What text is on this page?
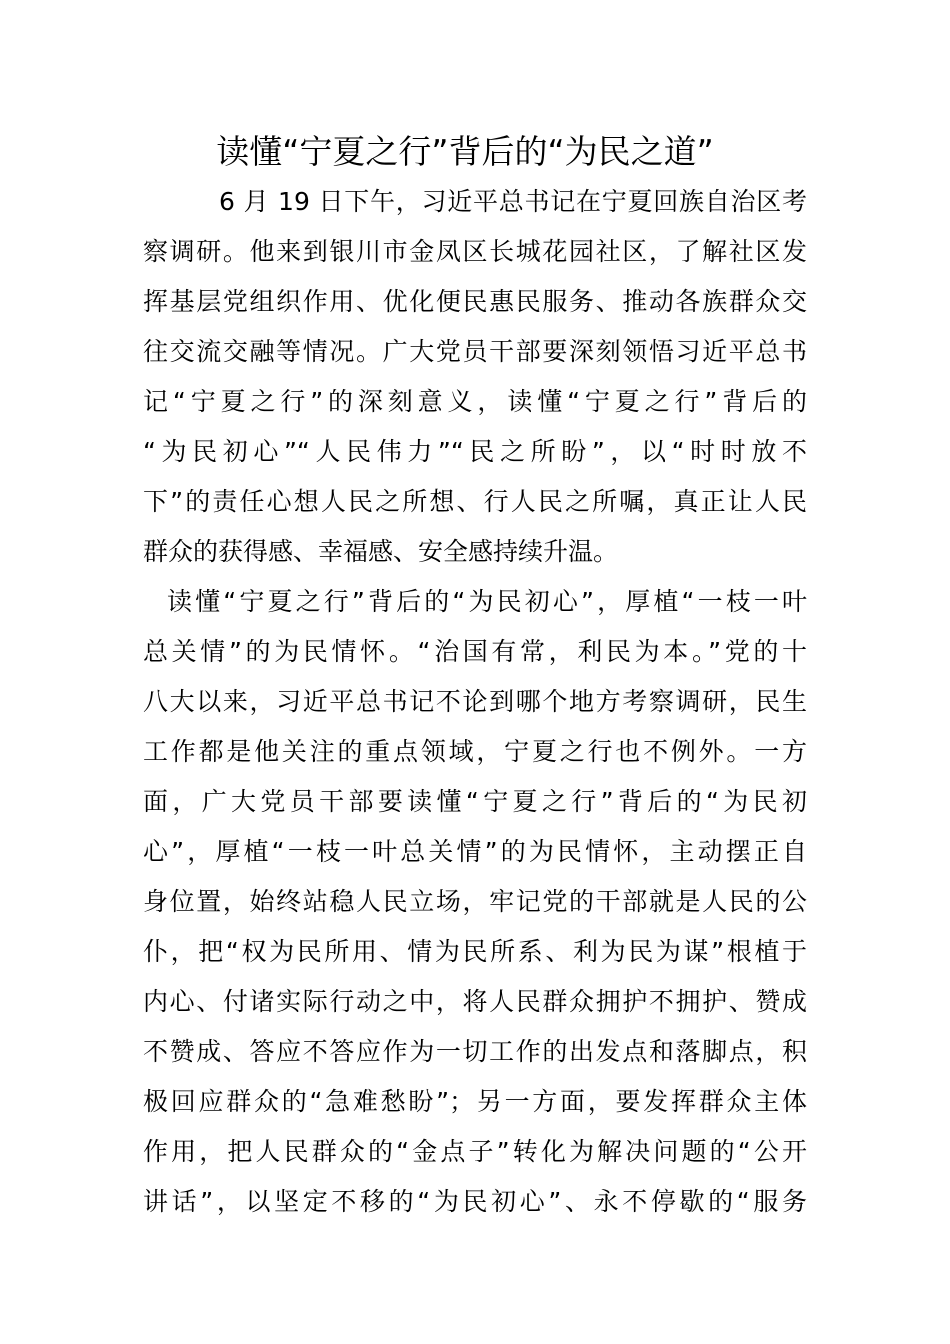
读懂“宁夏之行”背后的“为民之道”
6 月 19 日下午，习近平总书记在宁夏回族自治区考
察调研。他来到银川市金凤区长城花园社区，了解社区发
挥基层党组织作用、优化便民惠民服务、推动各族群众交
往交流交融等情况。广大党员干部要深刻领悟习近平总书
记“宁夏之行”的深刻意义，读懂“宁夏之行”背后的
“为民初心”“人民伟力”“民之所盼”，以“时时放不
下”的责任心想人民之所想、行人民之所嘱，真正让人民
群众的获得感、幸福感、安全感持续升温。
读懂“宁夏之行”背后的“为民初心”，厚植“一枝一叶
总关情”的为民情怀。“治国有常，利民为本。”党的十
八大以来，习近平总书记不论到哪个地方考察调研，民生
工作都是他关注的重点领域，宁夏之行也不例外。一方
面，广大党员干部要读懂“宁夏之行”背后的“为民初
心”，厚植“一枝一叶总关情”的为民情怀，主动摆正自
身位置，始终站稳人民立场，牢记党的干部就是人民的公
仆，把“权为民所用、情为民所系、利为民为谋”根植于
内心、付诸实际行动之中，将人民群众拥护不拥护、赞成
不赞成、答应不答应作为一切工作的出发点和落脚点，积
极回应群众的“急难愁盼”；另一方面，要发挥群众主体
作用，把人民群众的“金点子”转化为解决问题的“公开
讲话”，以坚定不移的“为民初心”、永不停歇的“服务
